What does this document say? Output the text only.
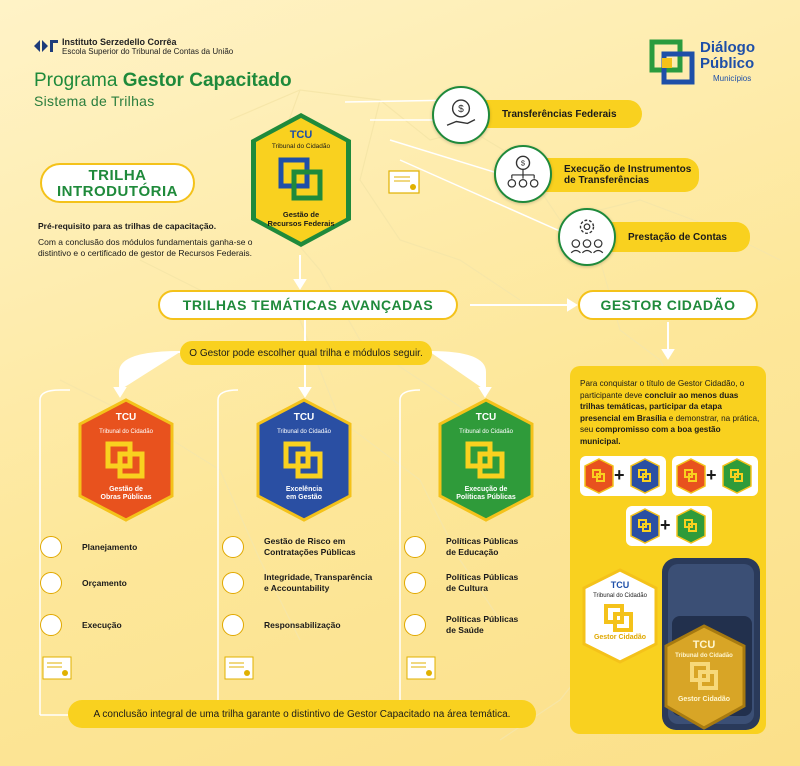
Instituto Serzedello Corrêa
Escola Superior do Tribunal de Contas da União
Programa Gestor Capacitado
Sistema de Trilhas
Diálogo
Público
Municípios
TRILHA
INTRODUTÓRIA
Pré-requisito para as trilhas de capacitação.
Com a conclusão dos módulos fundamentais ganha-se o distintivo e o certificado de gestor de Recursos Federais.
TCU
Tribunal do Cidadão
Gestão de
Recursos Federais
Transferências Federais
$
Execução de Instrumentos
de Transferências
$
Prestação de Contas
TRILHAS TEMÁTICAS AVANÇADAS	GESTOR CIDADÃO
O Gestor pode escolher qual trilha e módulos seguir.
TCU
Tribunal do Cidadão
Gestão de
Obras Públicas
Planejamento
Orçamento
Execução
TCU
Tribunal do Cidadão
Excelência
em Gestão
Gestão de Risco em
Contratações Públicas
Integridade, Transparência
e Accountability
Responsabilização
TCU
Tribunal do Cidadão
Execução de
Políticas Públicas
Políticas Públicas
de Educação
Políticas Públicas
de Cultura
Políticas Públicas
de Saúde
A conclusão integral de uma trilha garante o distintivo de Gestor Capacitado na área temática.
Para conquistar o título de Gestor Cidadão, o participante deve concluir ao menos duas trilhas temáticas, participar da etapa presencial em Brasília e demonstrar, na prática, seu compromisso com a boa gestão municipal.
+	+
+
TCU
Tribunal do Cidadão
Gestor Cidadão
TCU
Tribunal do Cidadão
Gestor Cidadão
